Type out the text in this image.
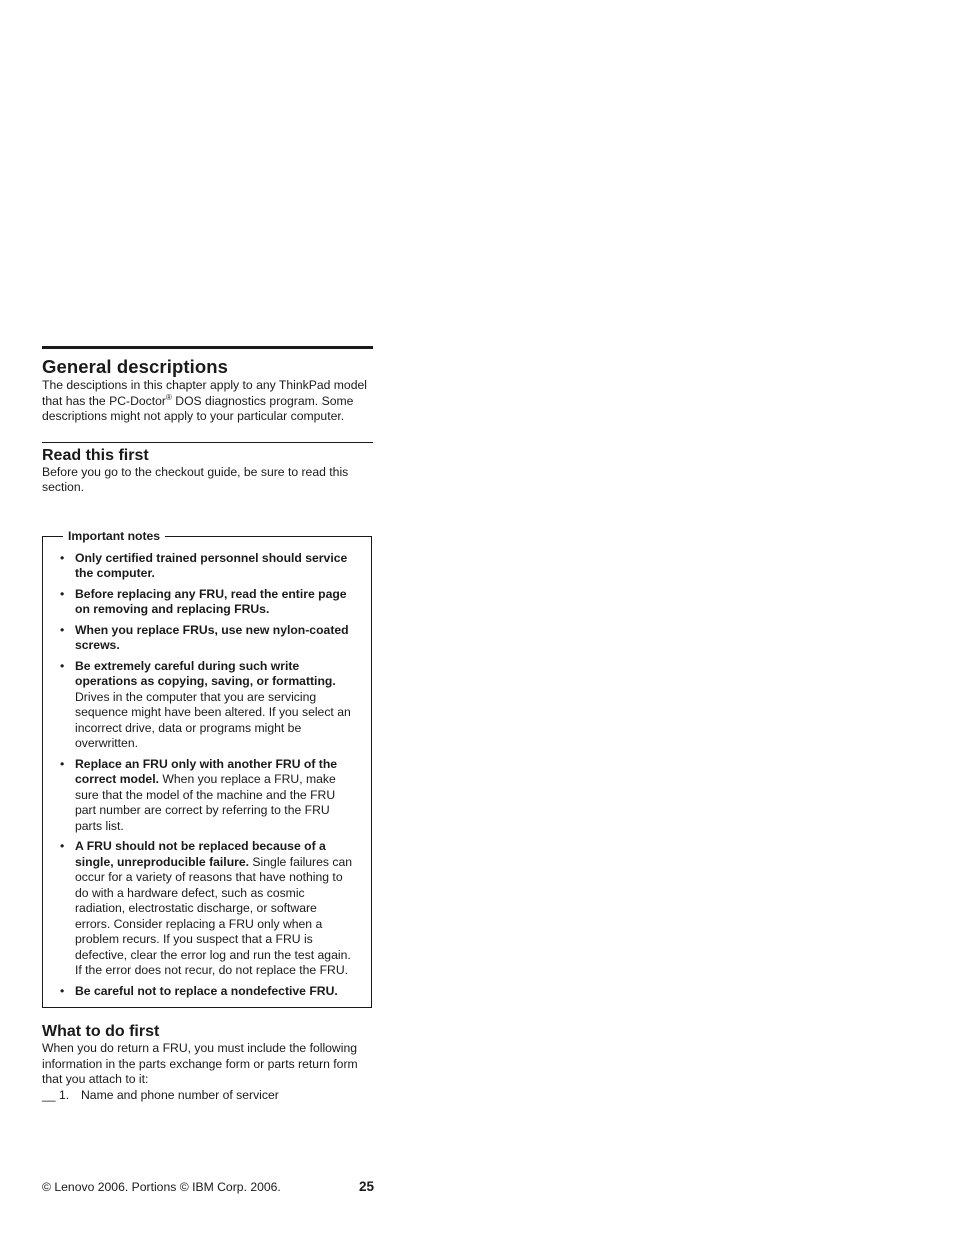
General descriptions

The desciptions in this chapter apply to any ThinkPad model that has the PC-Doctor® DOS diagnostics program. Some descriptions might not apply to your particular computer.

Read this first

Before you go to the checkout guide, be sure to read this section.

Important notes
• Only certified trained personnel should service the computer.
• Before replacing any FRU, read the entire page on removing and replacing FRUs.
• When you replace FRUs, use new nylon-coated screws.
• Be extremely careful during such write operations as copying, saving, or formatting. Drives in the computer that you are servicing sequence might have been altered. If you select an incorrect drive, data or programs might be overwritten.
• Replace an FRU only with another FRU of the correct model. When you replace a FRU, make sure that the model of the machine and the FRU part number are correct by referring to the FRU parts list.
• A FRU should not be replaced because of a single, unreproducible failure. Single failures can occur for a variety of reasons that have nothing to do with a hardware defect, such as cosmic radiation, electrostatic discharge, or software errors. Consider replacing a FRU only when a problem recurs. If you suspect that a FRU is defective, clear the error log and run the test again. If the error does not recur, do not replace the FRU.
• Be careful not to replace a nondefective FRU.
What to do first

When you do return a FRU, you must include the following information in the parts exchange form or parts return form that you attach to it:

__ 1. Name and phone number of servicer
© Lenovo 2006. Portions © IBM Corp. 2006.	25
